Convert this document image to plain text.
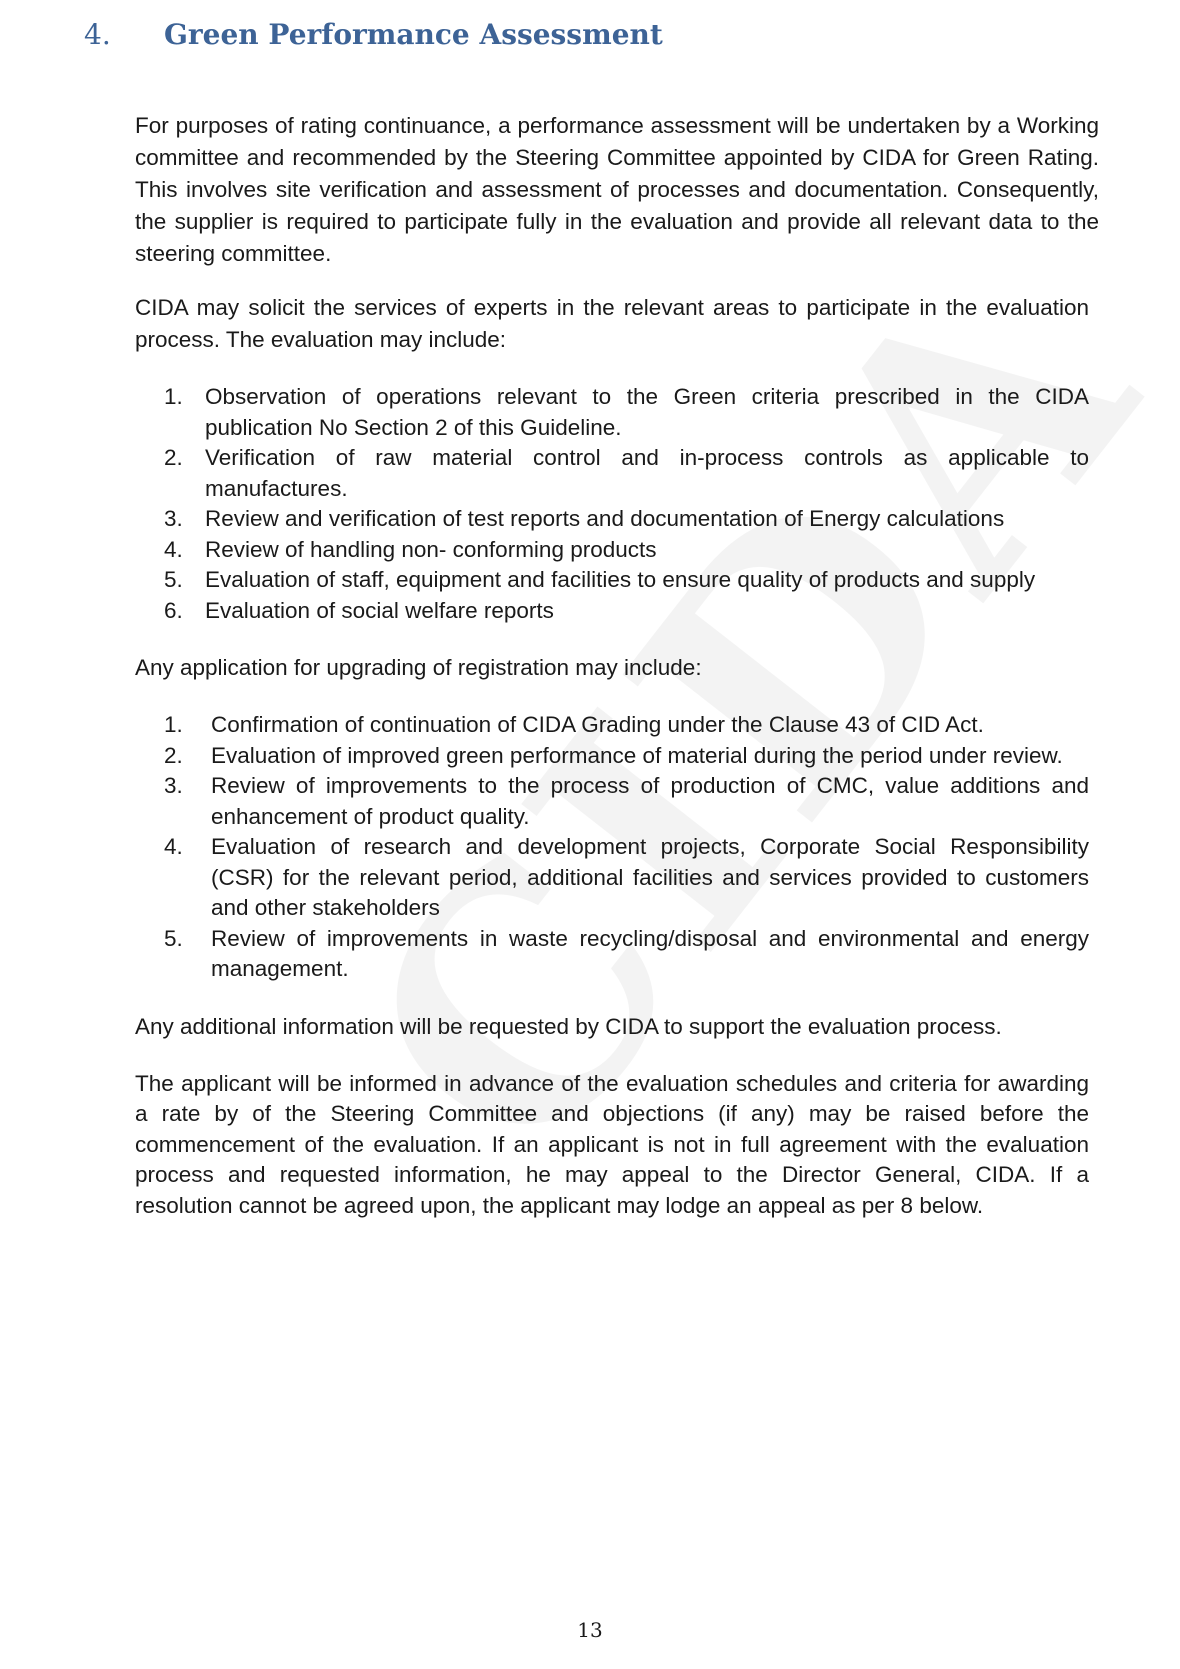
4. Green Performance Assessment

For purposes of rating continuance, a performance assessment will be undertaken by a Working committee and recommended by the Steering Committee appointed by CIDA for Green Rating. This involves site verification and assessment of processes and documentation. Consequently, the supplier is required to participate fully in the evaluation and provide all relevant data to the steering committee.

CIDA may solicit the services of experts in the relevant areas to participate in the evaluation process. The evaluation may include:

1. Observation of operations relevant to the Green criteria prescribed in the CIDA publication No Section 2 of this Guideline.
2. Verification of raw material control and in-process controls as applicable to manufactures.
3. Review and verification of test reports and documentation of Energy calculations
4. Review of handling non- conforming products
5. Evaluation of staff, equipment and facilities to ensure quality of products and supply
6. Evaluation of social welfare reports

Any application for upgrading of registration may include:

1.	Confirmation of continuation of CIDA Grading under the Clause 43 of CID Act.
2.	Evaluation of improved green performance of material during the period under review.
3.	Review of improvements to the process of production of CMC, value additions and enhancement of product quality.
4.	Evaluation of research and development projects, Corporate Social Responsibility (CSR) for the relevant period, additional facilities and services provided to customers and other stakeholders
5.	Review of improvements in waste recycling/disposal and environmental and energy management.

Any additional information will be requested by CIDA to support the evaluation process.

The applicant will be informed in advance of the evaluation schedules and criteria for awarding a rate by of the Steering Committee and objections (if any) may be raised before the commencement of the evaluation. If an applicant is not in full agreement with the evaluation process and requested information, he may appeal to the Director General, CIDA. If a resolution cannot be agreed upon, the applicant may lodge an appeal as per 8 below.

13
